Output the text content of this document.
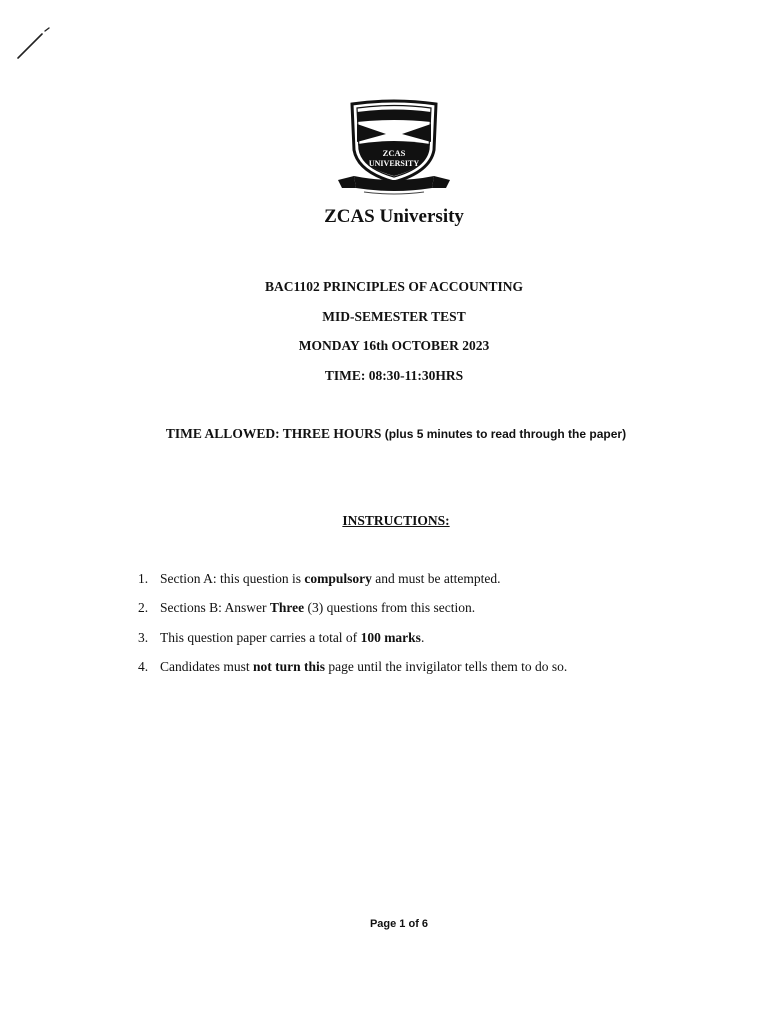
ZCAS
UNIVERSITY
ZCAS University
BAC1102 PRINCIPLES OF ACCOUNTING
MID-SEMESTER TEST
MONDAY 16th OCTOBER 2023
TIME: 08:30-11:30HRS
TIME ALLOWED: THREE HOURS (plus 5 minutes to read through the paper)
INSTRUCTIONS:
1. Section A: this question is compulsory and must be attempted.
2. Sections B: Answer Three (3) questions from this section.
3. This question paper carries a total of 100 marks.
4. Candidates must not turn this page until the invigilator tells them to do so.
Page 1 of 6
